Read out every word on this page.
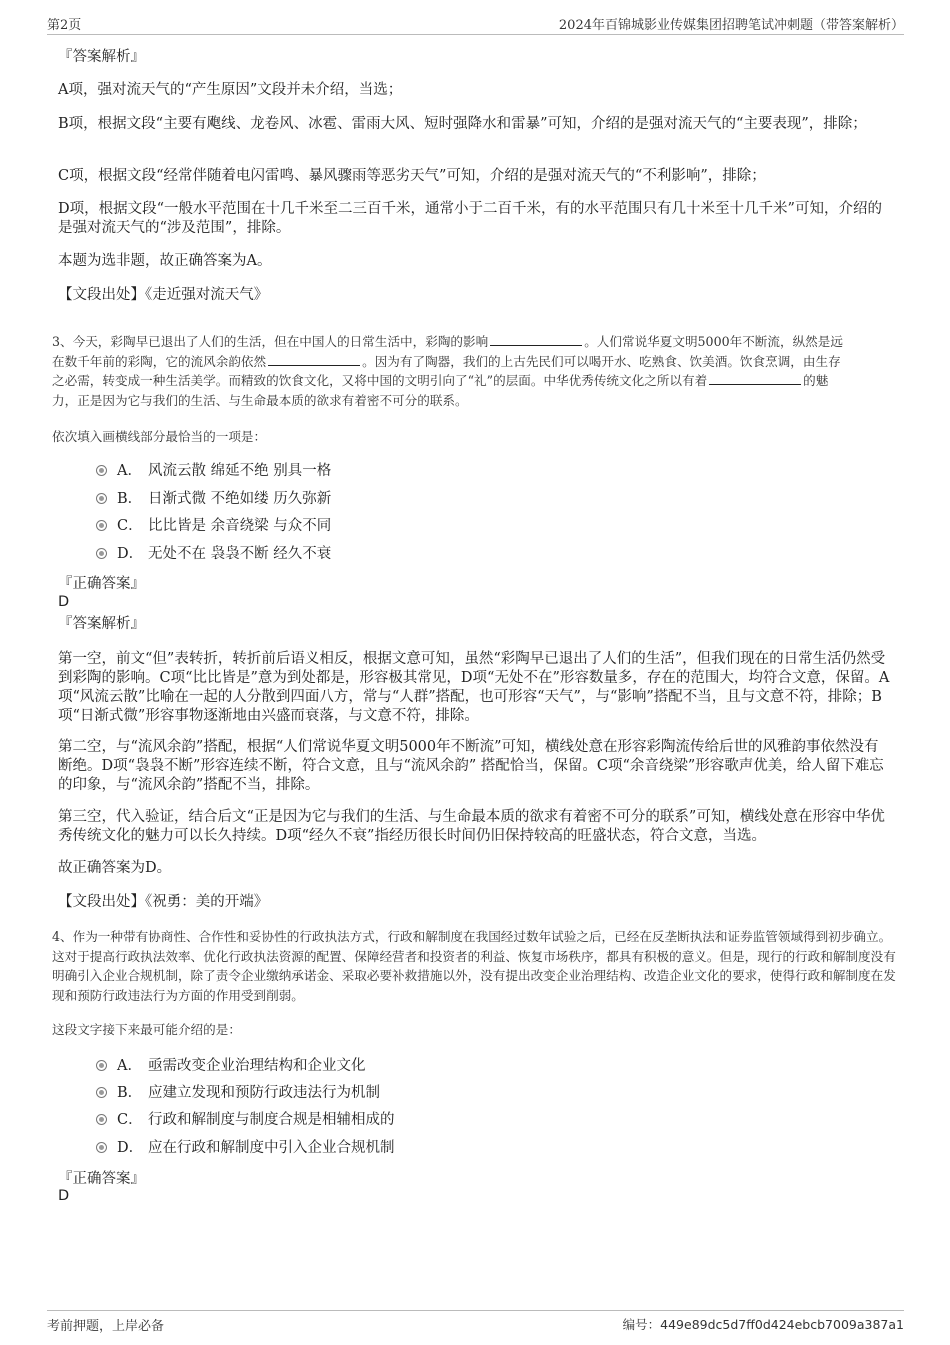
第2页	2024年百锦城影业传媒集团招聘笔试冲刺题（带答案解析）
『答案解析』

A项，强对流天气的“产生原因”文段并未介绍，当选；

B项，根据文段“主要有飑线、龙卷风、冰雹、雷雨大风、短时强降水和雷暴”可知，介绍的是强对流天气的“主要表现”，排除；

C项，根据文段“经常伴随着电闪雷鸣、暴风骤雨等恶劣天气”可知，介绍的是强对流天气的“不利影响”，排除；

D项，根据文段“一般水平范围在十几千米至二三百千米，通常小于二百千米，有的水平范围只有几十米至十几千米”可知，介绍的是强对流天气的“涉及范围”，排除。

本题为选非题，故正确答案为A。

【文段出处】《走近强对流天气》

3、今天，彩陶早已退出了人们的生活，但在中国人的日常生活中，彩陶的影响	。人们常说华夏文明5000年不断流，纵然是远
在数千年前的彩陶，它的流风余韵依然	。因为有了陶器，我们的上古先民们可以喝开水、吃熟食、饮美酒。饮食烹调，由生存
之必需，转变成一种生活美学。而精致的饮食文化，又将中国的文明引向了“礼”的层面。中华优秀传统文化之所以有着	的魅
力，正是因为它与我们的生活、与生命最本质的欲求有着密不可分的联系。
依次填入画横线部分最恰当的一项是：
A． 风流云散 绵延不绝 别具一格
B． 日渐式微 不绝如缕 历久弥新
C． 比比皆是 余音绕梁 与众不同
D． 无处不在 袅袅不断 经久不衰
『正确答案』
D
『答案解析』

第一空，前文“但”表转折，转折前后语义相反，根据文意可知，虽然“彩陶早已退出了人们的生活”，但我们现在的日常生活仍然受到彩陶的影响。C项“比比皆是”意为到处都是，形容极其常见，D项“无处不在”形容数量多，存在的范围大，均符合文意，保留。A项“风流云散”比喻在一起的人分散到四面八方，常与“人群”搭配，也可形容“天气”，与“影响”搭配不当，且与文意不符，排除；B项“日渐式微”形容事物逐渐地由兴盛而衰落，与文意不符，排除。

第二空，与“流风余韵”搭配，根据“人们常说华夏文明5000年不断流”可知，横线处意在形容彩陶流传给后世的风雅韵事依然没有断绝。D项“袅袅不断”形容连续不断，符合文意，且与“流风余韵” 搭配恰当，保留。C项“余音绕梁”形容歌声优美，给人留下难忘的印象，与“流风余韵”搭配不当，排除。

第三空，代入验证，结合后文“正是因为它与我们的生活、与生命最本质的欲求有着密不可分的联系”可知，横线处意在形容中华优秀传统文化的魅力可以长久持续。D项“经久不衰”指经历很长时间仍旧保持较高的旺盛状态，符合文意，当选。

故正确答案为D。

【文段出处】《祝勇：美的开端》

4、作为一种带有协商性、合作性和妥协性的行政执法方式，行政和解制度在我国经过数年试验之后，已经在反垄断执法和证券监管领域得到初步确立。这对于提高行政执法效率、优化行政执法资源的配置、保障经营者和投资者的利益、恢复市场秩序，都具有积极的意义。但是，现行的行政和解制度没有明确引入企业合规机制，除了责令企业缴纳承诺金、采取必要补救措施以外，没有提出改变企业治理结构、改造企业文化的要求，使得行政和解制度在发现和预防行政违法行为方面的作用受到削弱。
这段文字接下来最可能介绍的是：
A． 亟需改变企业治理结构和企业文化
B． 应建立发现和预防行政违法行为机制
C． 行政和解制度与制度合规是相辅相成的
D． 应在行政和解制度中引入企业合规机制
『正确答案』
D
考前押题，上岸必备	编号：449e89dc5d7ff0d424ebcb7009a387a1
